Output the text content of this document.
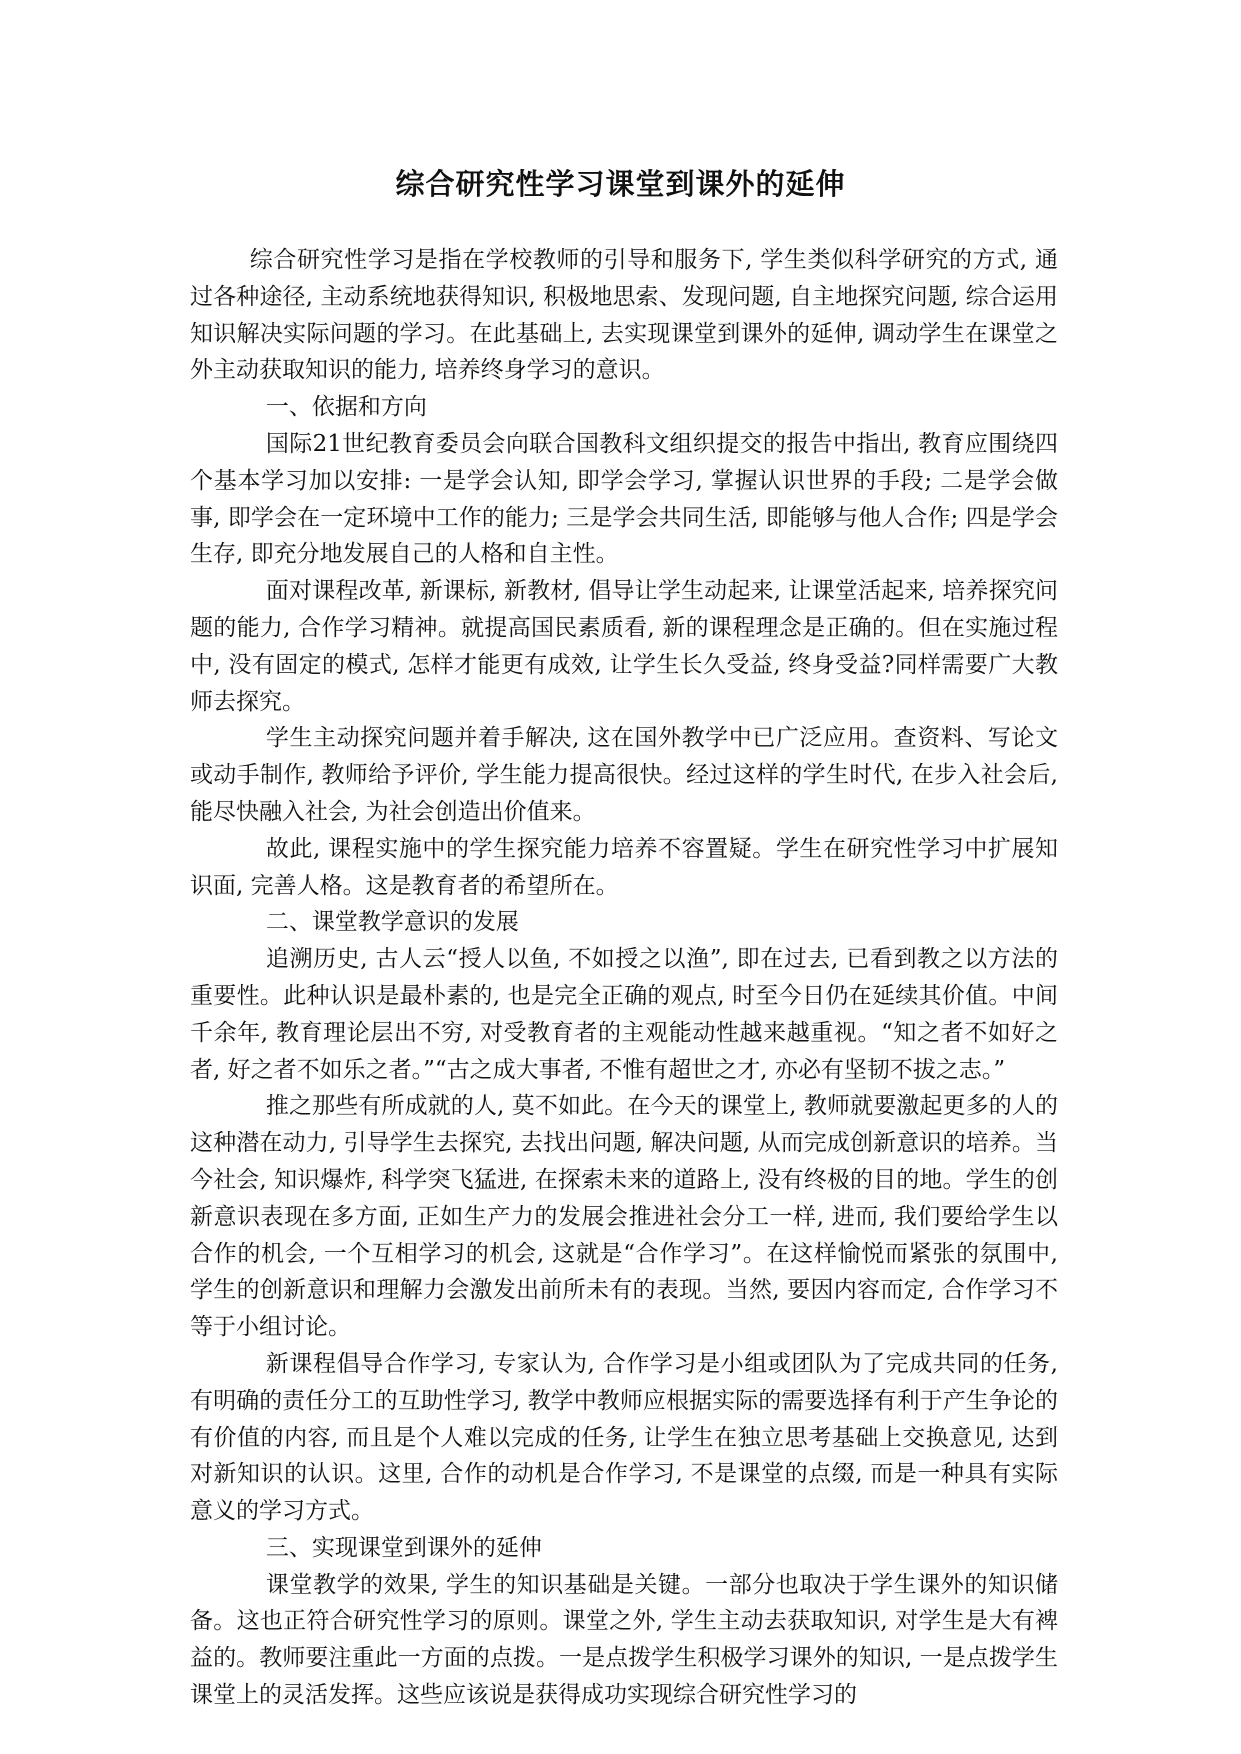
综合研究性学习课堂到课外的延伸

综合研究性学习是指在学校教师的引导和服务下, 学生类似科学研究的方式, 通过各种途径, 主动系统地获得知识, 积极地思索、发现问题, 自主地探究问题, 综合运用知识解决实际问题的学习。在此基础上, 去实现课堂到课外的延伸, 调动学生在课堂之外主动获取知识的能力, 培养终身学习的意识。

一、依据和方向

国际21世纪教育委员会向联合国教科文组织提交的报告中指出, 教育应围绕四个基本学习加以安排: 一是学会认知, 即学会学习, 掌握认识世界的手段; 二是学会做事, 即学会在一定环境中工作的能力; 三是学会共同生活, 即能够与他人合作; 四是学会生存, 即充分地发展自己的人格和自主性。

面对课程改革, 新课标, 新教材, 倡导让学生动起来, 让课堂活起来, 培养探究问题的能力, 合作学习精神。就提高国民素质看, 新的课程理念是正确的。但在实施过程中, 没有固定的模式, 怎样才能更有成效, 让学生长久受益, 终身受益?同样需要广大教师去探究。

学生主动探究问题并着手解决, 这在国外教学中已广泛应用。查资料、写论文或动手制作, 教师给予评价, 学生能力提高很快。经过这样的学生时代, 在步入社会后, 能尽快融入社会, 为社会创造出价值来。

故此, 课程实施中的学生探究能力培养不容置疑。学生在研究性学习中扩展知识面, 完善人格。这是教育者的希望所在。

二、课堂教学意识的发展

追溯历史, 古人云“授人以鱼, 不如授之以渔”, 即在过去, 已看到教之以方法的重要性。此种认识是最朴素的, 也是完全正确的观点, 时至今日仍在延续其价值。中间千余年, 教育理论层出不穷, 对受教育者的主观能动性越来越重视。“知之者不如好之者, 好之者不如乐之者。”“古之成大事者, 不惟有超世之才, 亦必有坚韧不拔之志。”

推之那些有所成就的人, 莫不如此。在今天的课堂上, 教师就要激起更多的人的这种潜在动力, 引导学生去探究, 去找出问题, 解决问题, 从而完成创新意识的培养。当今社会, 知识爆炸, 科学突飞猛进, 在探索未来的道路上, 没有终极的目的地。学生的创新意识表现在多方面, 正如生产力的发展会推进社会分工一样, 进而, 我们要给学生以合作的机会, 一个互相学习的机会, 这就是“合作学习”。在这样愉悦而紧张的氛围中, 学生的创新意识和理解力会激发出前所未有的表现。当然, 要因内容而定, 合作学习不等于小组讨论。

新课程倡导合作学习, 专家认为, 合作学习是小组或团队为了完成共同的任务, 有明确的责任分工的互助性学习, 教学中教师应根据实际的需要选择有利于产生争论的有价值的内容, 而且是个人难以完成的任务, 让学生在独立思考基础上交换意见, 达到对新知识的认识。这里, 合作的动机是合作学习, 不是课堂的点缀, 而是一种具有实际意义的学习方式。

三、实现课堂到课外的延伸

课堂教学的效果, 学生的知识基础是关键。一部分也取决于学生课外的知识储备。这也正符合研究性学习的原则。课堂之外, 学生主动去获取知识, 对学生是大有裨益的。教师要注重此一方面的点拨。一是点拨学生积极学习课外的知识, 一是点拨学生课堂上的灵活发挥。这些应该说是获得成功实现综合研究性学习的
